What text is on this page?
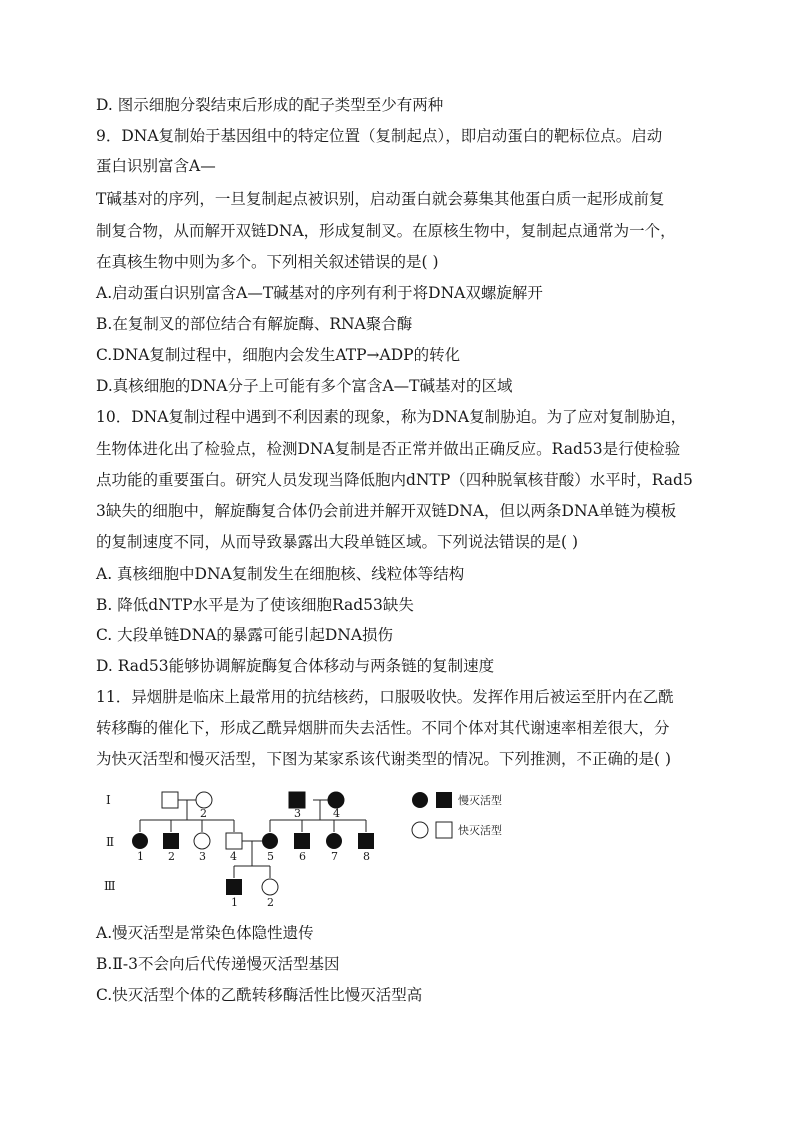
D. 图示细胞分裂结束后形成的配子类型至少有两种
9．DNA复制始于基因组中的特定位置（复制起点），即启动蛋白的靶标位点。启动
蛋白识别富含A—
T碱基对的序列，一旦复制起点被识别，启动蛋白就会募集其他蛋白质一起形成前复
制复合物，从而解开双链DNA，形成复制叉。在原核生物中，复制起点通常为一个，
在真核生物中则为多个。下列相关叙述错误的是( )
A.启动蛋白识别富含A—T碱基对的序列有利于将DNA双螺旋解开
B.在复制叉的部位结合有解旋酶、RNA聚合酶
C.DNA复制过程中，细胞内会发生ATP→ADP的转化
D.真核细胞的DNA分子上可能有多个富含A—T碱基对的区域
10．DNA复制过程中遇到不利因素的现象，称为DNA复制胁迫。为了应对复制胁迫，
生物体进化出了检验点，检测DNA复制是否正常并做出正确反应。Rad53是行使检验
点功能的重要蛋白。研究人员发现当降低胞内dNTP（四种脱氧核苷酸）水平时，Rad5
3缺失的细胞中，解旋酶复合体仍会前进并解开双链DNA，但以两条DNA单链为模板
的复制速度不同，从而导致暴露出大段单链区域。下列说法错误的是( )
A. 真核细胞中DNA复制发生在细胞核、线粒体等结构
B. 降低dNTP水平是为了使该细胞Rad53缺失
C. 大段单链DNA的暴露可能引起DNA损伤
D. Rad53能够协调解旋酶复合体移动与两条链的复制速度
11．异烟肼是临床上最常用的抗结核药，口服吸收快。发挥作用后被运至肝内在乙酰
转移酶的催化下，形成乙酰异烟肼而失去活性。不同个体对其代谢速率相差很大，分
为快灭活型和慢灭活型，下图为某家系该代谢类型的情况。下列推测，不正确的是( )
Ⅰ
Ⅱ
Ⅲ
2	3	4
1 2 3 4	5 6 7 8
1	2
慢灭活型
快灭活型
A.慢灭活型是常染色体隐性遗传
B.Ⅱ-3不会向后代传递慢灭活型基因
C.快灭活型个体的乙酰转移酶活性比慢灭活型高
